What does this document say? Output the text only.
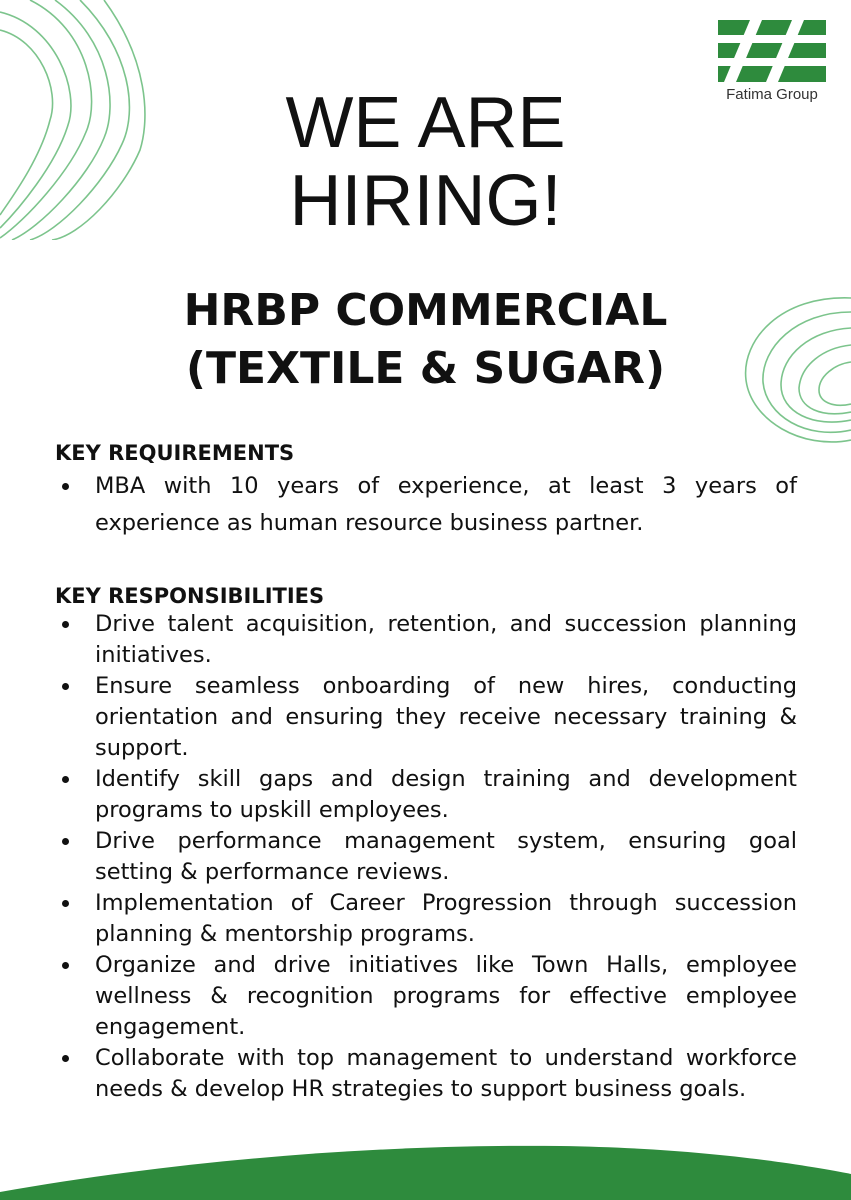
Fatima Group
WE ARE
HIRING!
HRBP COMMERCIAL
(TEXTILE & SUGAR)
KEY REQUIREMENTS
MBA with 10 years of experience, at least 3 years of experience as human resource business partner.
KEY RESPONSIBILITIES
Drive talent acquisition, retention, and succession planning initiatives.
Ensure seamless onboarding of new hires, conducting orientation and ensuring they receive necessary training & support.
Identify skill gaps and design training and development programs to upskill employees.
Drive performance management system, ensuring goal setting & performance reviews.
Implementation of Career Progression through succession planning & mentorship programs.
Organize and drive initiatives like Town Halls, employee wellness & recognition programs for effective employee engagement.
Collaborate with top management to understand workforce needs & develop HR strategies to support business goals.
